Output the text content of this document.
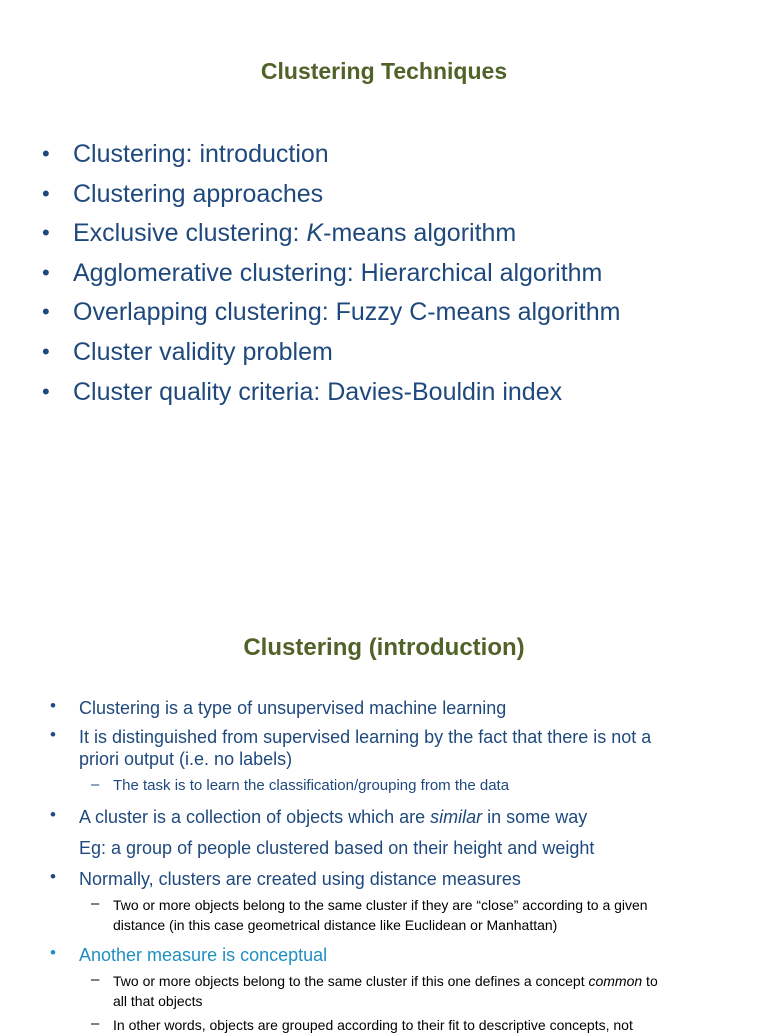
Clustering Techniques
• Clustering: introduction
• Clustering approaches
• Exclusive clustering: K-means algorithm
• Agglomerative clustering: Hierarchical algorithm
• Overlapping clustering: Fuzzy C-means algorithm
• Cluster validity problem
• Cluster quality criteria: Davies-Bouldin index
Clustering (introduction)
• Clustering is a type of unsupervised machine learning
• It is distinguished from supervised learning by the fact that there is not a
priori output (i.e. no labels)
– The task is to learn the classification/grouping from the data
• A cluster is a collection of objects which are similar in some way
Eg: a group of people clustered based on their height and weight
• Normally, clusters are created using distance measures
– Two or more objects belong to the same cluster if they are “close” according to a given
distance (in this case geometrical distance like Euclidean or Manhattan)
• Another measure is conceptual
– Two or more objects belong to the same cluster if this one defines a concept common to
all that objects
– In other words, objects are grouped according to their fit to descriptive concepts, not
